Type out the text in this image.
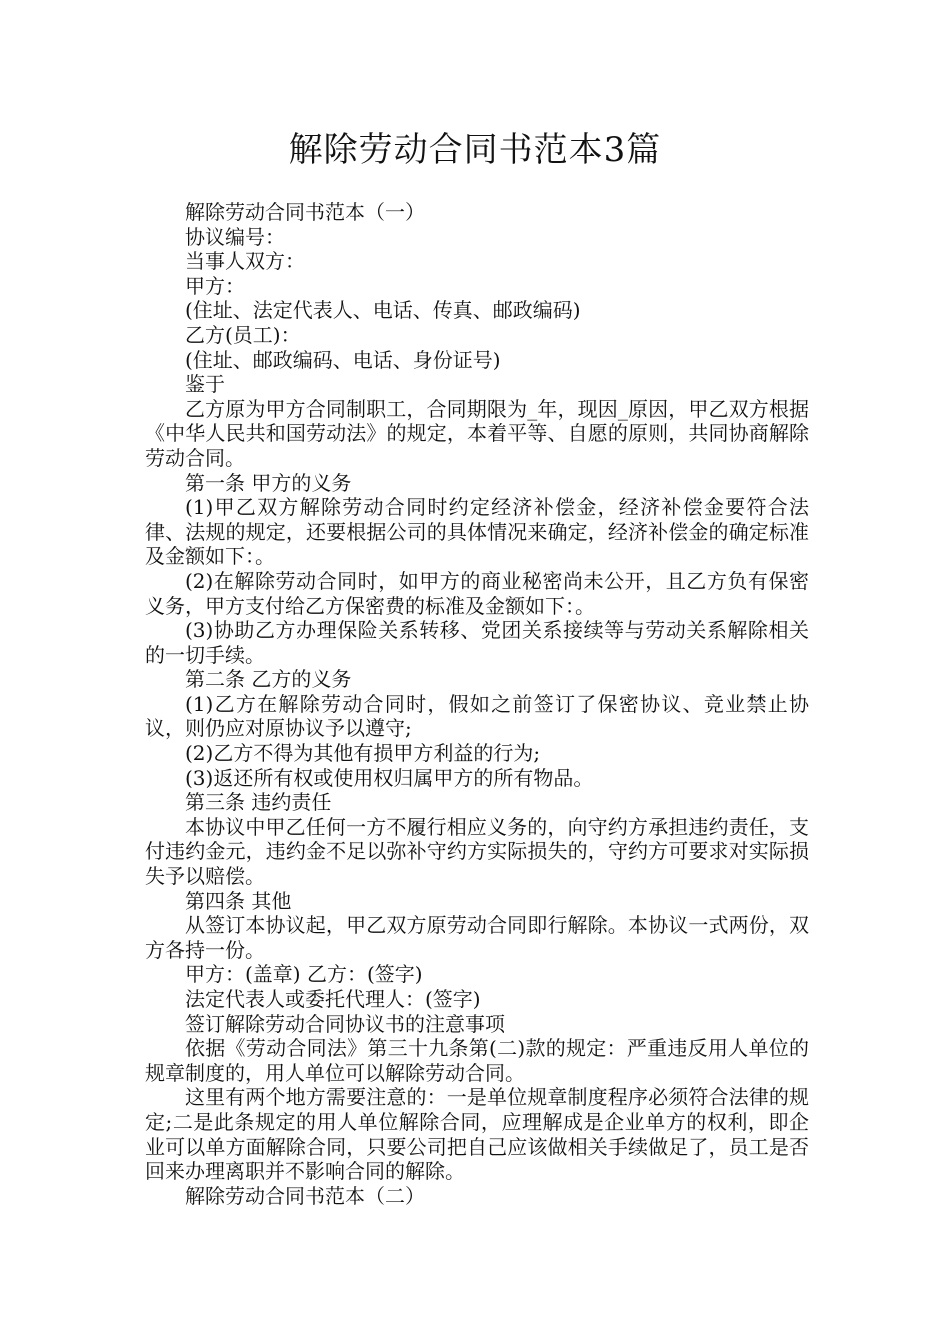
解除劳动合同书范本3篇

解除劳动合同书范本（一）

协议编号：

当事人双方：

甲方：

(住址、法定代表人、电话、传真、邮政编码)

乙方(员工)：

(住址、邮政编码、电话、身份证号)

鉴于

乙方原为甲方合同制职工，合同期限为_年，现因_原因，甲乙双方根据《中华人民共和国劳动法》的规定，本着平等、自愿的原则，共同协商解除劳动合同。

第一条 甲方的义务

(1)甲乙双方解除劳动合同时约定经济补偿金，经济补偿金要符合法律、法规的规定，还要根据公司的具体情况来确定，经济补偿金的确定标准及金额如下：。

(2)在解除劳动合同时，如甲方的商业秘密尚未公开，且乙方负有保密义务，甲方支付给乙方保密费的标准及金额如下：。

(3)协助乙方办理保险关系转移、党团关系接续等与劳动关系解除相关的一切手续。

第二条 乙方的义务

(1)乙方在解除劳动合同时，假如之前签订了保密协议、竞业禁止协议，则仍应对原协议予以遵守;

(2)乙方不得为其他有损甲方利益的行为;

(3)返还所有权或使用权归属甲方的所有物品。

第三条 违约责任

本协议中甲乙任何一方不履行相应义务的，向守约方承担违约责任，支付违约金元，违约金不足以弥补守约方实际损失的，守约方可要求对实际损失予以赔偿。

第四条 其他

从签订本协议起，甲乙双方原劳动合同即行解除。本协议一式两份，双方各持一份。

甲方：(盖章) 乙方：(签字)

法定代表人或委托代理人：(签字)

签订解除劳动合同协议书的注意事项

依据《劳动合同法》第三十九条第(二)款的规定：严重违反用人单位的规章制度的，用人单位可以解除劳动合同。

这里有两个地方需要注意的：一是单位规章制度程序必须符合法律的规定;二是此条规定的用人单位解除合同，应理解成是企业单方的权利，即企业可以单方面解除合同，只要公司把自己应该做相关手续做足了，员工是否回来办理离职并不影响合同的解除。

解除劳动合同书范本（二）
